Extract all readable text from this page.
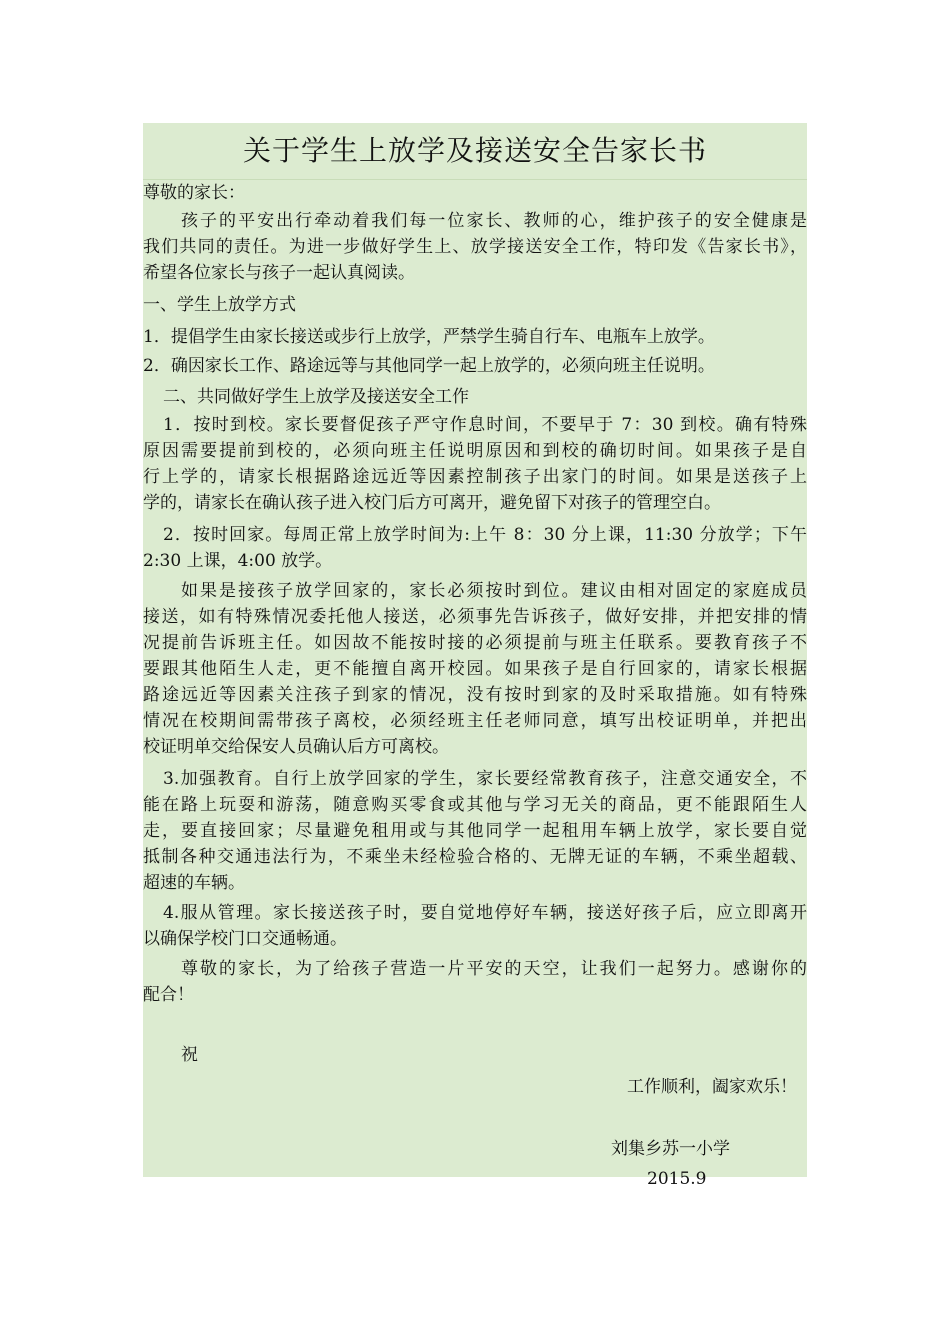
关于学生上放学及接送安全告家长书
尊敬的家长：
孩子的平安出行牵动着我们每一位家长、教师的心，维护孩子的安全健康是
我们共同的责任。为进一步做好学生上、放学接送安全工作，特印发《告家长书》，
希望各位家长与孩子一起认真阅读。
一、学生上放学方式
1．提倡学生由家长接送或步行上放学，严禁学生骑自行车、电瓶车上放学。
2．确因家长工作、路途远等与其他同学一起上放学的，必须向班主任说明。
二、共同做好学生上放学及接送安全工作
1．按时到校。家长要督促孩子严守作息时间，不要早于 7：30 到校。确有特殊
原因需要提前到校的，必须向班主任说明原因和到校的确切时间。如果孩子是自
行上学的，请家长根据路途远近等因素控制孩子出家门的时间。如果是送孩子上
学的，请家长在确认孩子进入校门后方可离开，避免留下对孩子的管理空白。
2．按时回家。每周正常上放学时间为:上午 8：30 分上课，11:30 分放学；下午
2:30 上课，4:00 放学。
如果是接孩子放学回家的，家长必须按时到位。建议由相对固定的家庭成员
接送，如有特殊情况委托他人接送，必须事先告诉孩子，做好安排，并把安排的情
况提前告诉班主任。如因故不能按时接的必须提前与班主任联系。要教育孩子不
要跟其他陌生人走，更不能擅自离开校园。如果孩子是自行回家的，请家长根据
路途远近等因素关注孩子到家的情况，没有按时到家的及时采取措施。如有特殊
情况在校期间需带孩子离校，必须经班主任老师同意，填写出校证明单，并把出
校证明单交给保安人员确认后方可离校。
3.加强教育。自行上放学回家的学生，家长要经常教育孩子，注意交通安全，不
能在路上玩耍和游荡，随意购买零食或其他与学习无关的商品，更不能跟陌生人
走，要直接回家；尽量避免租用或与其他同学一起租用车辆上放学，家长要自觉
抵制各种交通违法行为，不乘坐未经检验合格的、无牌无证的车辆，不乘坐超载、
超速的车辆。
4.服从管理。家长接送孩子时，要自觉地停好车辆，接送好孩子后，应立即离开
以确保学校门口交通畅通。
尊敬的家长，为了给孩子营造一片平安的天空，让我们一起努力。感谢你的
配合！
祝
工作顺利，阖家欢乐！
刘集乡苏一小学
2015.9
